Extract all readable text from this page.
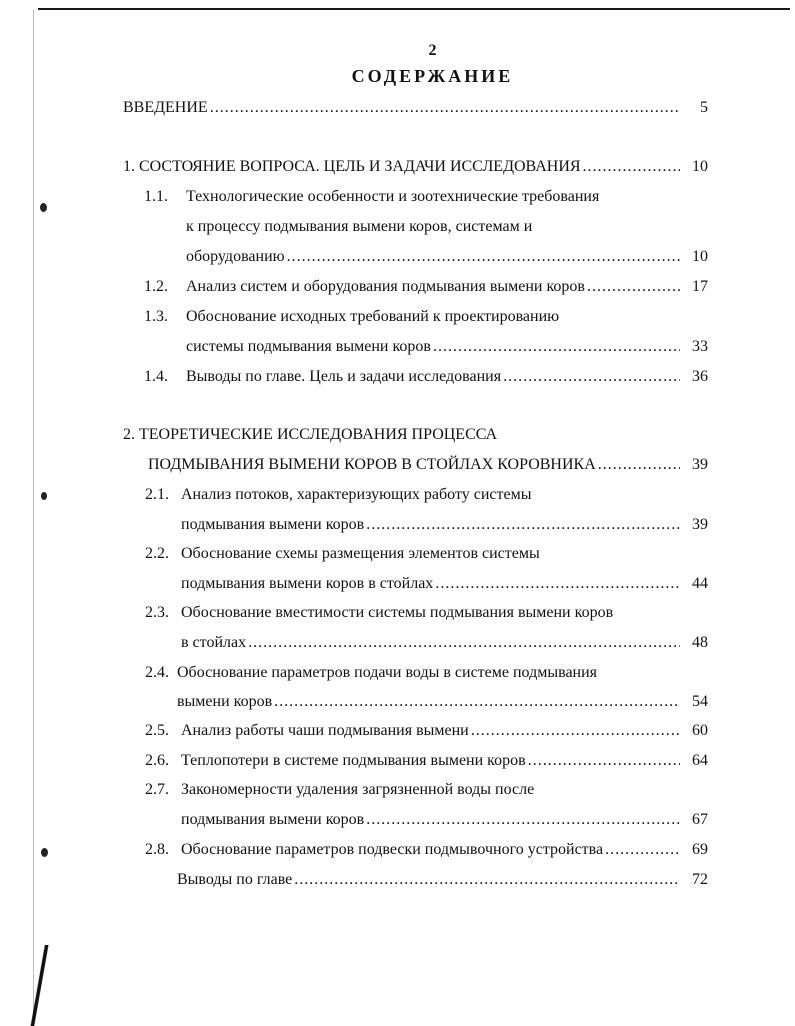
2
СОДЕРЖАНИЕ
ВВЕДЕНИЕ .....	5
1. СОСТОЯНИЕ ВОПРОСА. ЦЕЛЬ И ЗАДАЧИ ИССЛЕДОВАНИЯ .....	10
1.1.	Технологические особенности и зоотехнические требования
к процессу подмывания вымени коров, системам и
оборудованию .....	10
1.2.	Анализ систем и оборудования подмывания вымени коров .....	17
1.3.	Обоснование исходных требований к проектированию
системы подмывания вымени коров .....	33
1.4.	Выводы по главе. Цель и задачи исследования .....	36
2. ТЕОРЕТИЧЕСКИЕ ИССЛЕДОВАНИЯ ПРОЦЕССА
ПОДМЫВАНИЯ ВЫМЕНИ КОРОВ В СТОЙЛАХ КОРОВНИКА .....	39
2.1. Анализ потоков, характеризующих работу системы
подмывания вымени коров .....	39
2.2. Обоснование схемы размещения элементов системы
подмывания вымени коров в стойлах .....	44
2.3. Обоснование вместимости системы подмывания вымени коров
в стойлах .....	48
2.4. Обоснование параметров подачи воды в системе подмывания
вымени коров .....	54
2.5. Анализ работы чаши подмывания вымени .....	60
2.6. Теплопотери в системе подмывания вымени коров .....	64
2.7. Закономерности удаления загрязненной воды после
подмывания вымени коров .....	67
2.8. Обоснование параметров подвески подмывочного устройства .....	69
Выводы по главе .....	72
